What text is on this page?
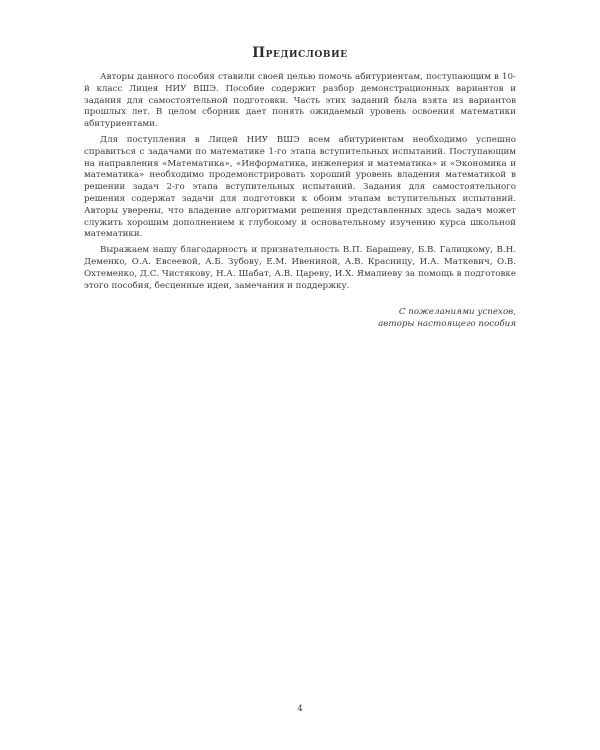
Предисловие

Авторы данного пособия ставили своей целью помочь абитуриентам, поступающим в 10-й класс Лицея НИУ ВШЭ. Пособие содержит разбор демонстрационных вариантов и задания для самостоятельной подготовки. Часть этих заданий была взята из вариантов прошлых лет. В целом сборник дает понять ожидаемый уровень освоения математики абитуриентами.

Для поступления в Лицей НИУ ВШЭ всем абитуриентам необходимо успешно справиться с задачами по математике 1-го этапа вступительных испытаний. Поступающим на направления «Математика», «Информатика, инженерия и математика» и «Экономика и математика» необходимо продемонстрировать хороший уровень владения математикой в решении задач 2-го этапа вступительных испытаний. Задания для самостоятельного решения содержат задачи для подготовки к обоим этапам вступительных испытаний. Авторы уверены, что владение алгоритмами решения представленных здесь задач может служить хорошим дополнением к глубокому и основательному изучению курса школьной математики.

Выражаем нашу благодарность и признательность В.П. Барашеву, Б.В. Галицкому, В.Н. Деменко, О.А. Евсеевой, А.Б. Зубову, Е.М. Ивениной, А.В. Красницу, И.А. Маткевич, О.В. Охтеменко, Д.С. Чистякову, Н.А. Шабат, А.В. Цареву, И.Х. Ямалиеву за помощь в подготовке этого пособия, бесценные идеи, замечания и поддержку.

С пожеланиями успехов,
авторы настоящего пособия
4
